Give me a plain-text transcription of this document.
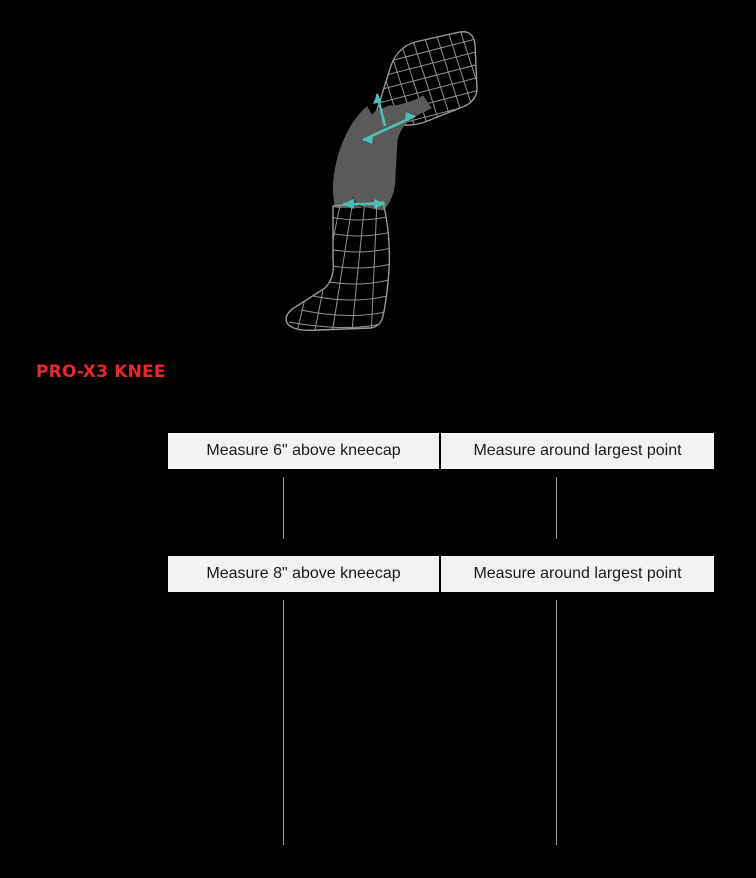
PRO-X3 KNEE
Measure 6" above kneecap	Measure around largest point
Measure 8" above kneecap	Measure around largest point
